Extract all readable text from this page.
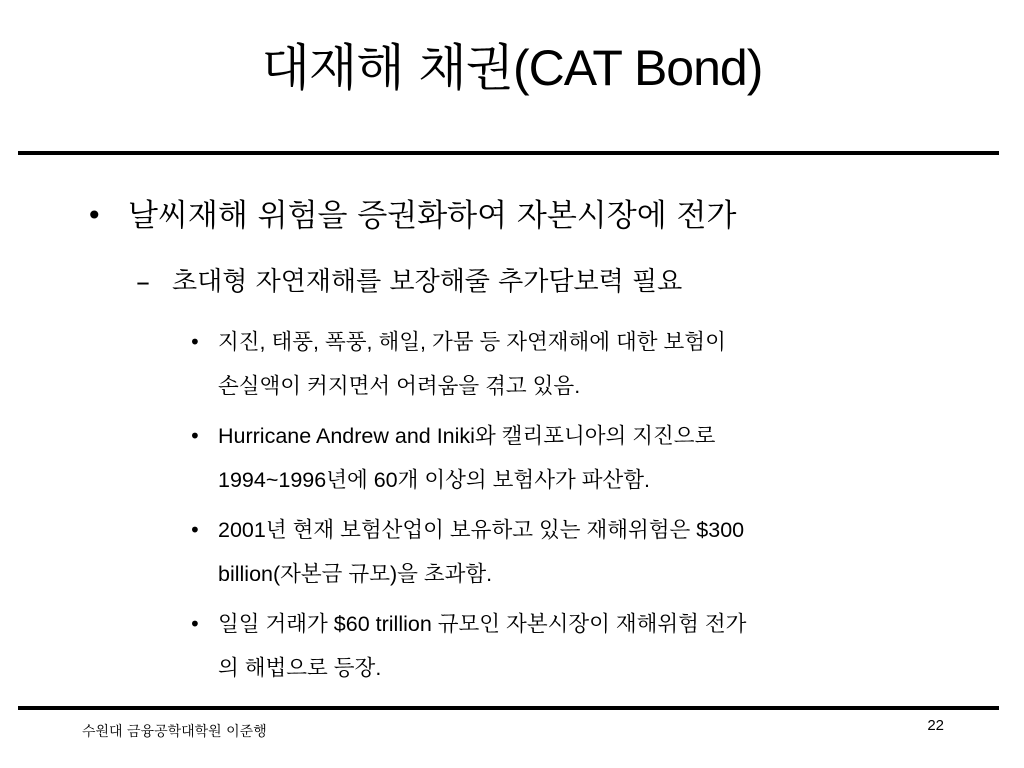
대재해 채권(CAT Bond)
• 날씨재해 위험을 증권화하여 자본시장에 전가
– 초대형 자연재해를 보장해줄 추가담보력 필요
• 지진, 태풍, 폭풍, 해일, 가뭄 등 자연재해에 대한 보험이
손실액이 커지면서 어려움을 겪고 있음.
• Hurricane Andrew and Iniki와 캘리포니아의 지진으로
1994~1996년에 60개 이상의 보험사가 파산함.
• 2001년 현재 보험산업이 보유하고 있는 재해위험은 $300
billion(자본금 규모)을 초과함.
• 일일 거래가 $60 trillion 규모인 자본시장이 재해위험 전가
의 해법으로 등장.
수원대 금융공학대학원 이준행	22
